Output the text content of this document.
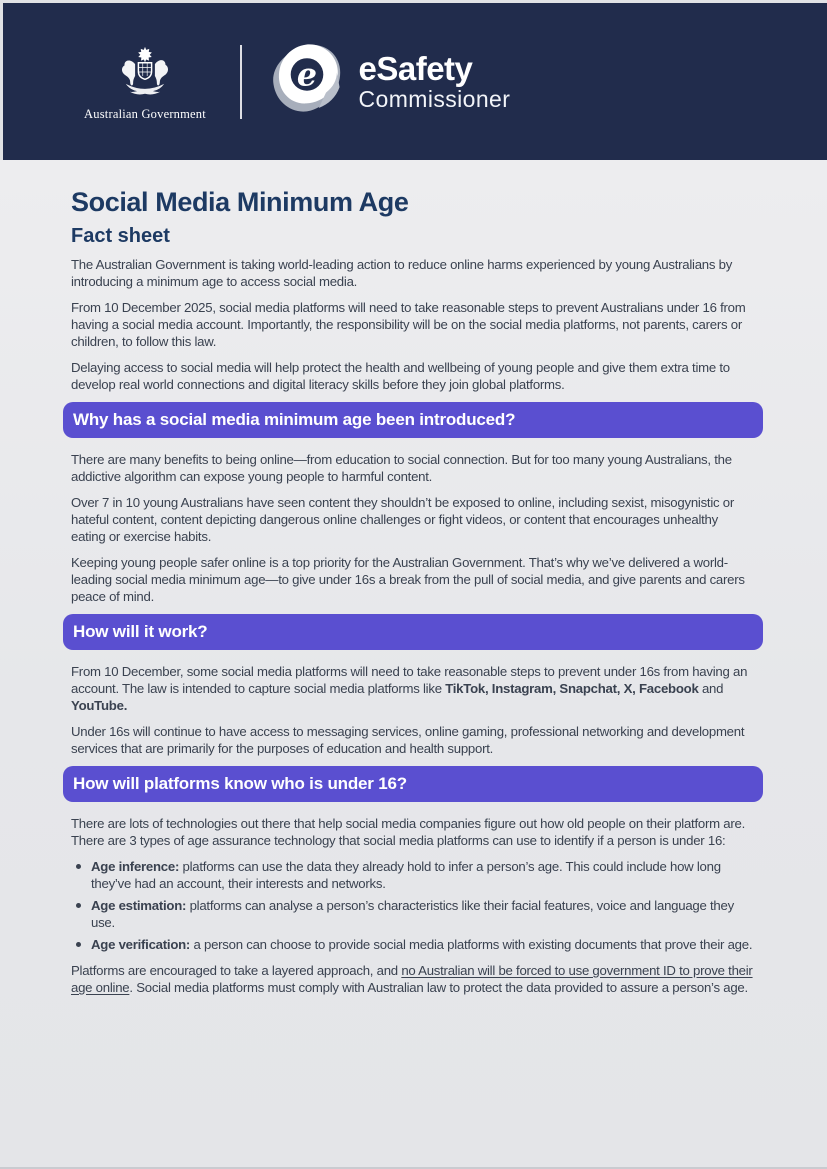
Australian Government
e eSafety
Commissioner
Social Media Minimum Age
Fact sheet

The Australian Government is taking world-leading action to reduce online harms experienced by young Australians by introducing a minimum age to access social media.

From 10 December 2025, social media platforms will need to take reasonable steps to prevent Australians under 16 from having a social media account. Importantly, the responsibility will be on the social media platforms, not parents, carers or children, to follow this law.

Delaying access to social media will help protect the health and wellbeing of young people and give them extra time to develop real world connections and digital literacy skills before they join global platforms.

Why has a social media minimum age been introduced?

There are many benefits to being online—from education to social connection. But for too many young Australians, the addictive algorithm can expose young people to harmful content.

Over 7 in 10 young Australians have seen content they shouldn’t be exposed to online, including sexist, misogynistic or hateful content, content depicting dangerous online challenges or fight videos, or content that encourages unhealthy eating or exercise habits.

Keeping young people safer online is a top priority for the Australian Government. That’s why we’ve delivered a world-leading social media minimum age—to give under 16s a break from the pull of social media, and give parents and carers peace of mind.

How will it work?

From 10 December, some social media platforms will need to take reasonable steps to prevent under 16s from having an account. The law is intended to capture social media platforms like TikTok, Instagram, Snapchat, X, Facebook and YouTube.

Under 16s will continue to have access to messaging services, online gaming, professional networking and development services that are primarily for the purposes of education and health support.

How will platforms know who is under 16?

There are lots of technologies out there that help social media companies figure out how old people on their platform are. There are 3 types of age assurance technology that social media platforms can use to identify if a person is under 16:

Age inference: platforms can use the data they already hold to infer a person’s age. This could include how long they’ve had an account, their interests and networks.
Age estimation: platforms can analyse a person’s characteristics like their facial features, voice and language they use.
Age verification: a person can choose to provide social media platforms with existing documents that prove their age.

Platforms are encouraged to take a layered approach, and no Australian will be forced to use government ID to prove their age online. Social media platforms must comply with Australian law to protect the data provided to assure a person’s age.
